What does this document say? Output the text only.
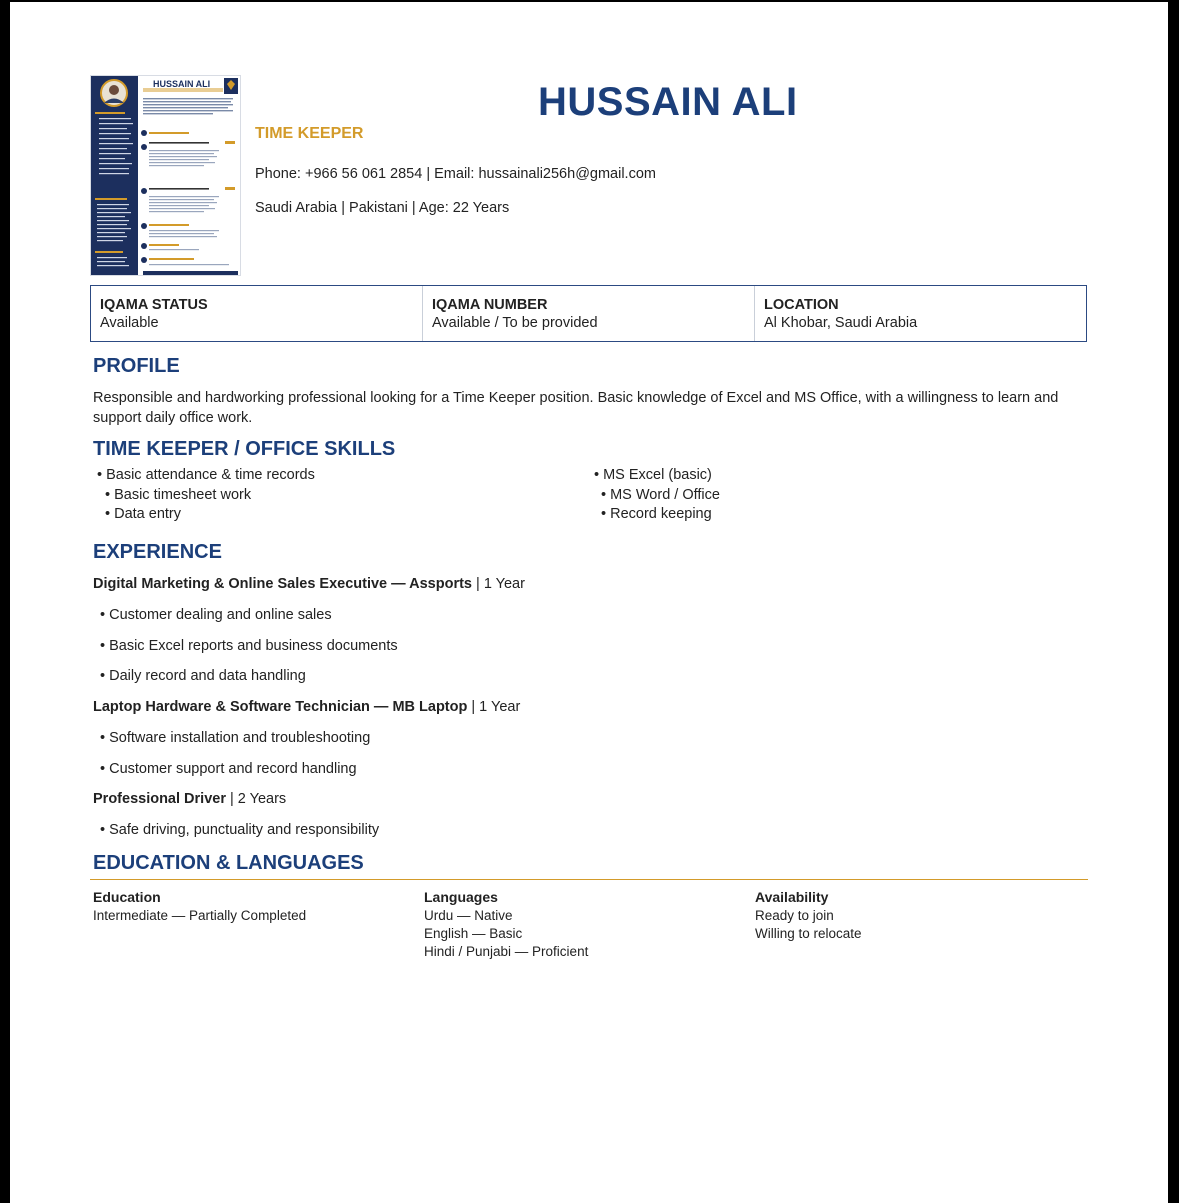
HUSSAIN ALI	HUSSAIN ALI
TIME KEEPER
Phone: +966 56 061 2854 | Email: hussainali256h@gmail.com
Saudi Arabia | Pakistani | Age: 22 Years
IQAMA STATUS
Available
IQAMA NUMBER
Available / To be provided
LOCATION
Al Khobar, Saudi Arabia
PROFILE
Responsible and hardworking professional looking for a Time Keeper position. Basic knowledge of Excel and MS Office, with a willingness to learn and support daily office work.
TIME KEEPER / OFFICE SKILLS
• Basic attendance & time records
• Basic timesheet work
• Data entry
• MS Excel (basic)
• MS Word / Office
• Record keeping
EXPERIENCE
Digital Marketing & Online Sales Executive — Assports | 1 Year
• Customer dealing and online sales
• Basic Excel reports and business documents
• Daily record and data handling
Laptop Hardware & Software Technician — MB Laptop | 1 Year
• Software installation and troubleshooting
• Customer support and record handling
Professional Driver | 2 Years
• Safe driving, punctuality and responsibility
EDUCATION & LANGUAGES
Education
Intermediate — Partially Completed
Languages
Urdu — Native
English — Basic
Hindi / Punjabi — Proficient
Availability
Ready to join
Willing to relocate
